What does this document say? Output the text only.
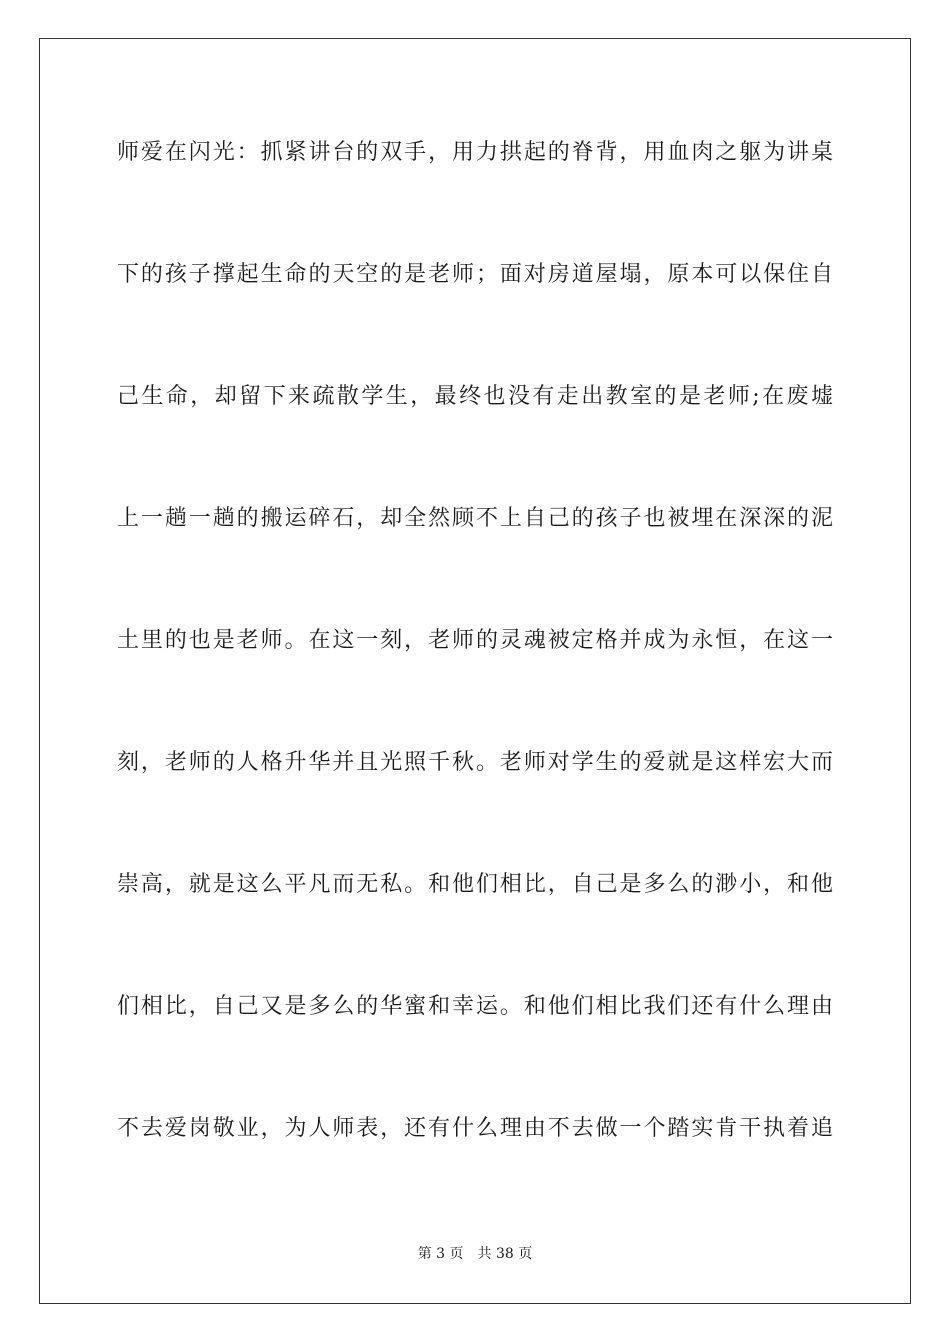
师爱在闪光：抓紧讲台的双手，用力拱起的脊背，用血肉之躯为讲桌
下的孩子撑起生命的天空的是老师；面对房道屋塌，原本可以保住自
己生命，却留下来疏散学生，最终也没有走出教室的是老师;在废墟
上一趟一趟的搬运碎石，却全然顾不上自己的孩子也被埋在深深的泥
土里的也是老师。在这一刻，老师的灵魂被定格并成为永恒，在这一
刻，老师的人格升华并且光照千秋。老师对学生的爱就是这样宏大而
崇高，就是这么平凡而无私。和他们相比，自己是多么的渺小，和他
们相比，自己又是多么的华蜜和幸运。和他们相比我们还有什么理由
不去爱岗敬业，为人师表，还有什么理由不去做一个踏实肯干执着追
第 3 页 共 38 页
